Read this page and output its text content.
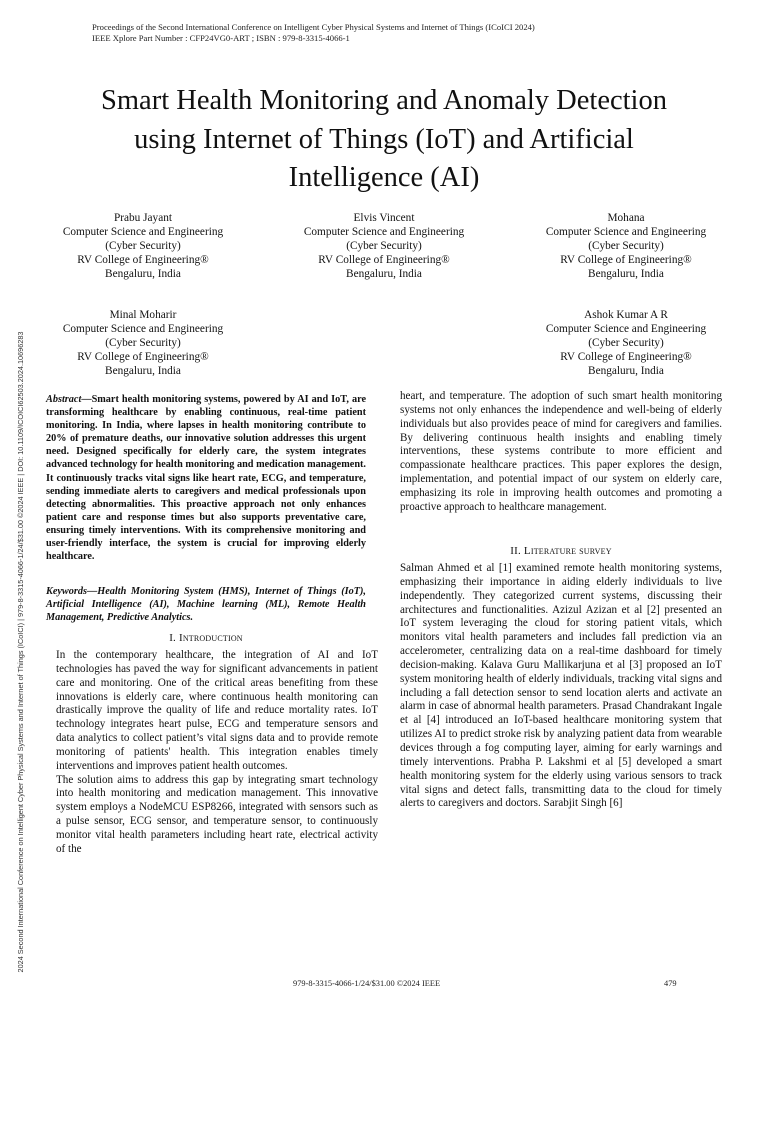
Proceedings of the Second International Conference on Intelligent Cyber Physical Systems and Internet of Things (ICoICI 2024)
IEEE Xplore Part Number : CFP24VG0-ART ; ISBN : 979-8-3315-4066-1
2024 Second International Conference on Intelligent Cyber Physical Systems and Internet of Things (ICoICI) | 979-8-3315-4066-1/24/$31.00 ©2024 IEEE | DOI: 10.1109/ICOICI62503.2024.10696283
Smart Health Monitoring and Anomaly Detection
using Internet of Things (IoT) and Artificial
Intelligence (AI)
Prabu Jayant
Computer Science and Engineering
(Cyber Security)
RV College of Engineering®
Bengaluru, India
Elvis Vincent
Computer Science and Engineering
(Cyber Security)
RV College of Engineering®
Bengaluru, India
Mohana
Computer Science and Engineering
(Cyber Security)
RV College of Engineering®
Bengaluru, India
Minal Moharir
Computer Science and Engineering
(Cyber Security)
RV College of Engineering®
Bengaluru, India
Ashok Kumar A R
Computer Science and Engineering
(Cyber Security)
RV College of Engineering®
Bengaluru, India
Abstract—Smart health monitoring systems, powered by AI and IoT, are transforming healthcare by enabling continuous, real-time patient monitoring. In India, where lapses in health monitoring contribute to 20% of premature deaths, our innovative solution addresses this urgent need. Designed specifically for elderly care, the system integrates advanced technology for health monitoring and medication management. It continuously tracks vital signs like heart rate, ECG, and temperature, sending immediate alerts to caregivers and medical professionals upon detecting abnormalities. This proactive approach not only enhances patient care and response times but also supports preventative care, ensuring timely interventions. With its comprehensive monitoring and user-friendly interface, the system is crucial for improving elderly healthcare.
Keywords—Health Monitoring System (HMS), Internet of Things (IoT), Artificial Intelligence (AI), Machine learning (ML), Remote Health Management, Predictive Analytics.
I. Introduction

In the contemporary healthcare, the integration of AI and IoT technologies has paved the way for significant advancements in patient care and monitoring. One of the critical areas benefiting from these innovations is elderly care, where continuous health monitoring can drastically improve the quality of life and reduce mortality rates. IoT technology integrates heart pulse, ECG and temperature sensors and data analytics to collect patient’s vital signs data and to provide remote monitoring of patients' health. This integration enables timely interventions and improves patient health outcomes.

The solution aims to address this gap by integrating smart technology into health monitoring and medication management. This innovative system employs a NodeMCU ESP8266, integrated with sensors such as a pulse sensor, ECG sensor, and temperature sensor, to continuously monitor vital health parameters including heart rate, electrical activity of the

heart, and temperature. The adoption of such smart health monitoring systems not only enhances the independence and well-being of elderly individuals but also provides peace of mind for caregivers and families. By delivering continuous health insights and enabling timely interventions, these systems contribute to more efficient and compassionate healthcare practices. This paper explores the design, implementation, and potential impact of our system on elderly care, emphasizing its role in improving health outcomes and promoting a proactive approach to healthcare management.

II. Literature survey

Salman Ahmed et al [1] examined remote health monitoring systems, emphasizing their importance in aiding elderly individuals to live independently. They categorized current systems, discussing their architectures and functionalities. Azizul Azizan et al [2] presented an IoT system leveraging the cloud for storing patient vitals, which monitors vital health parameters and includes fall prediction via an accelerometer, centralizing data on a real-time dashboard for timely decision-making. Kalava Guru Mallikarjuna et al [3] proposed an IoT system monitoring health of elderly individuals, tracking vital signs and including a fall detection sensor to send location alerts and activate an alarm in case of abnormal health parameters. Prasad Chandrakant Ingale et al [4] introduced an IoT-based healthcare monitoring system that utilizes AI to predict stroke risk by analyzing patient data from wearable devices through a fog computing layer, aiming for early warnings and timely interventions. Prabha P. Lakshmi et al [5] developed a smart health monitoring system for the elderly using various sensors to track vital signs and detect falls, transmitting data to the cloud for timely alerts to caregivers and doctors. Sarabjit Singh [6]

979-8-3315-4066-1/24/$31.00 ©2024 IEEE	479
